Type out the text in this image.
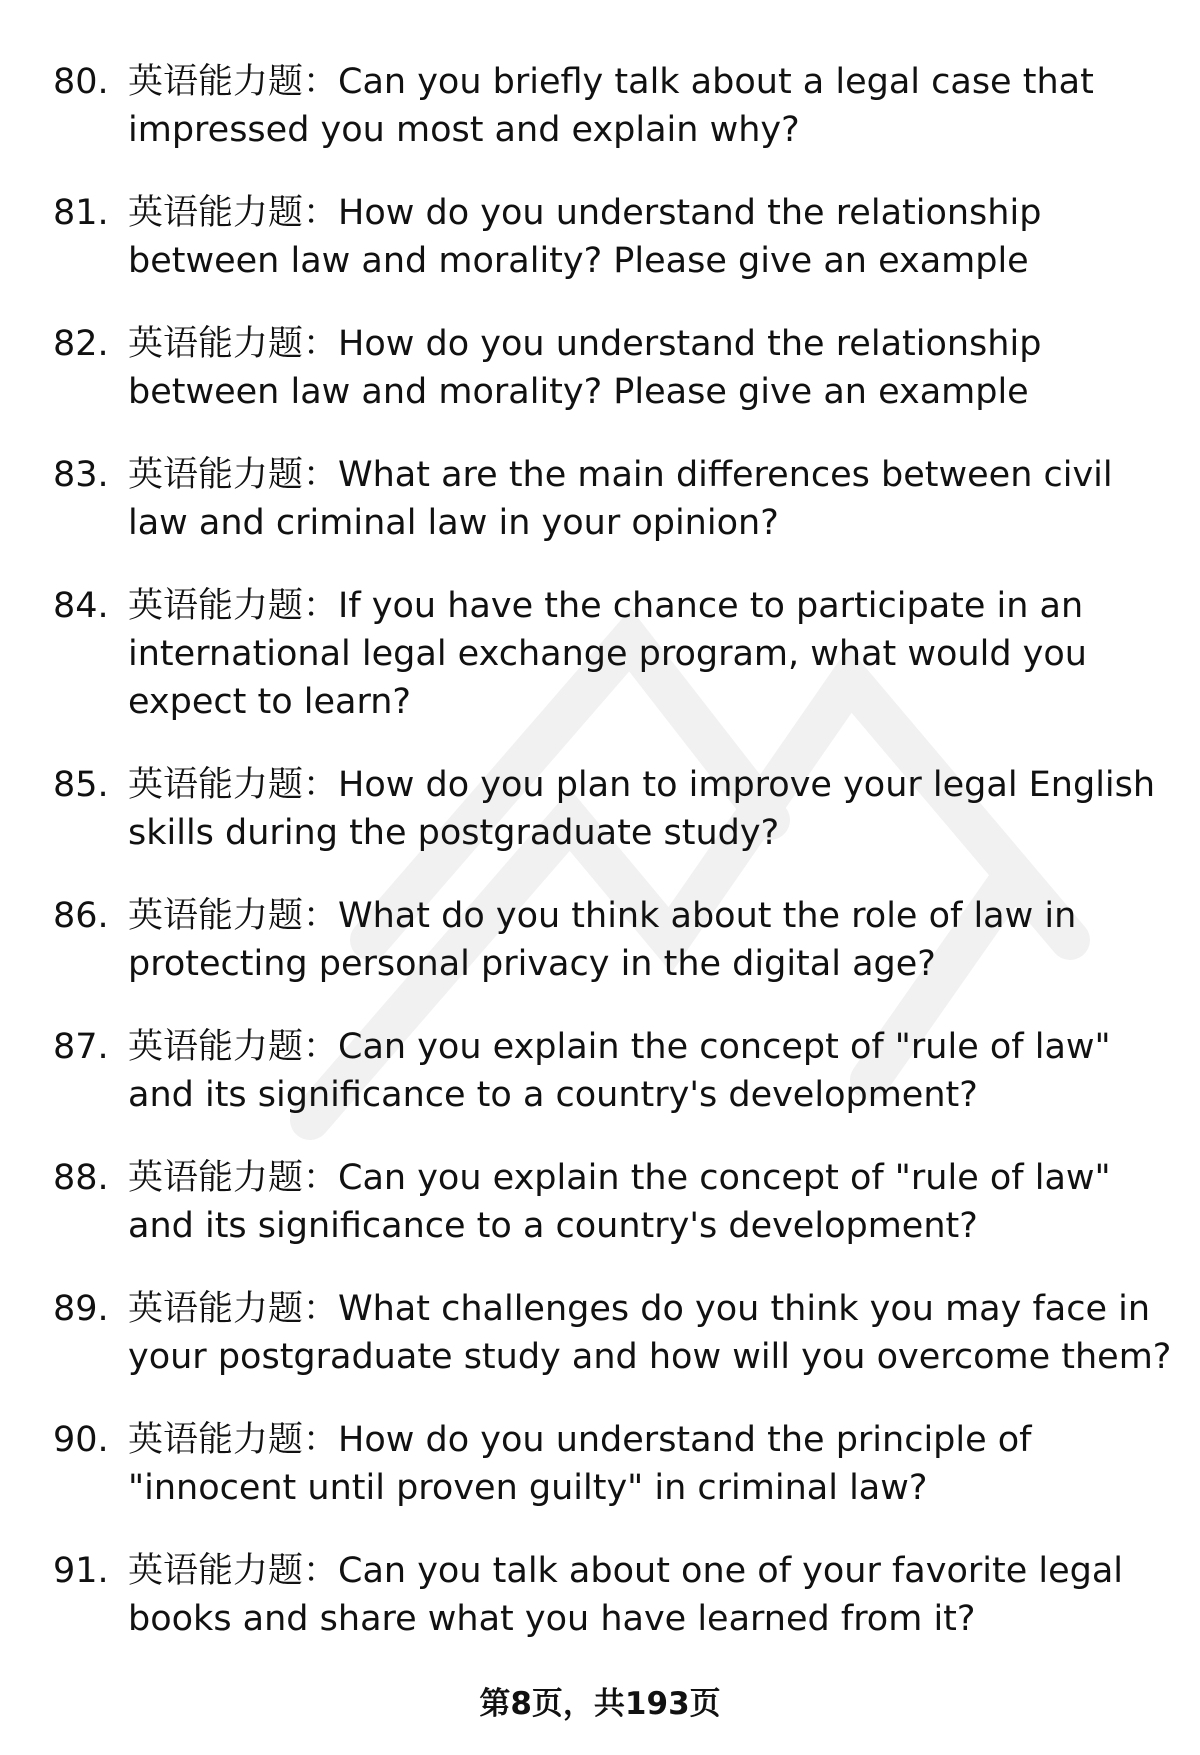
80. 英语能力题：Can you briefly talk about a legal case that impressed you most and explain why?
81. 英语能力题：How do you understand the relationship between law and morality? Please give an example
82. 英语能力题：How do you understand the relationship between law and morality? Please give an example
83. 英语能力题：What are the main differences between civil law and criminal law in your opinion?
84. 英语能力题：If you have the chance to participate in an international legal exchange program, what would you expect to learn?
85. 英语能力题：How do you plan to improve your legal English skills during the postgraduate study?
86. 英语能力题：What do you think about the role of law in protecting personal privacy in the digital age?
87. 英语能力题：Can you explain the concept of "rule of law" and its significance to a country's development?
88. 英语能力题：Can you explain the concept of "rule of law" and its significance to a country's development?
89. 英语能力题：What challenges do you think you may face in your postgraduate study and how will you overcome them?
90. 英语能力题：How do you understand the principle of "innocent until proven guilty" in criminal law?
91. 英语能力题：Can you talk about one of your favorite legal books and share what you have learned from it?
第8页，共193页
